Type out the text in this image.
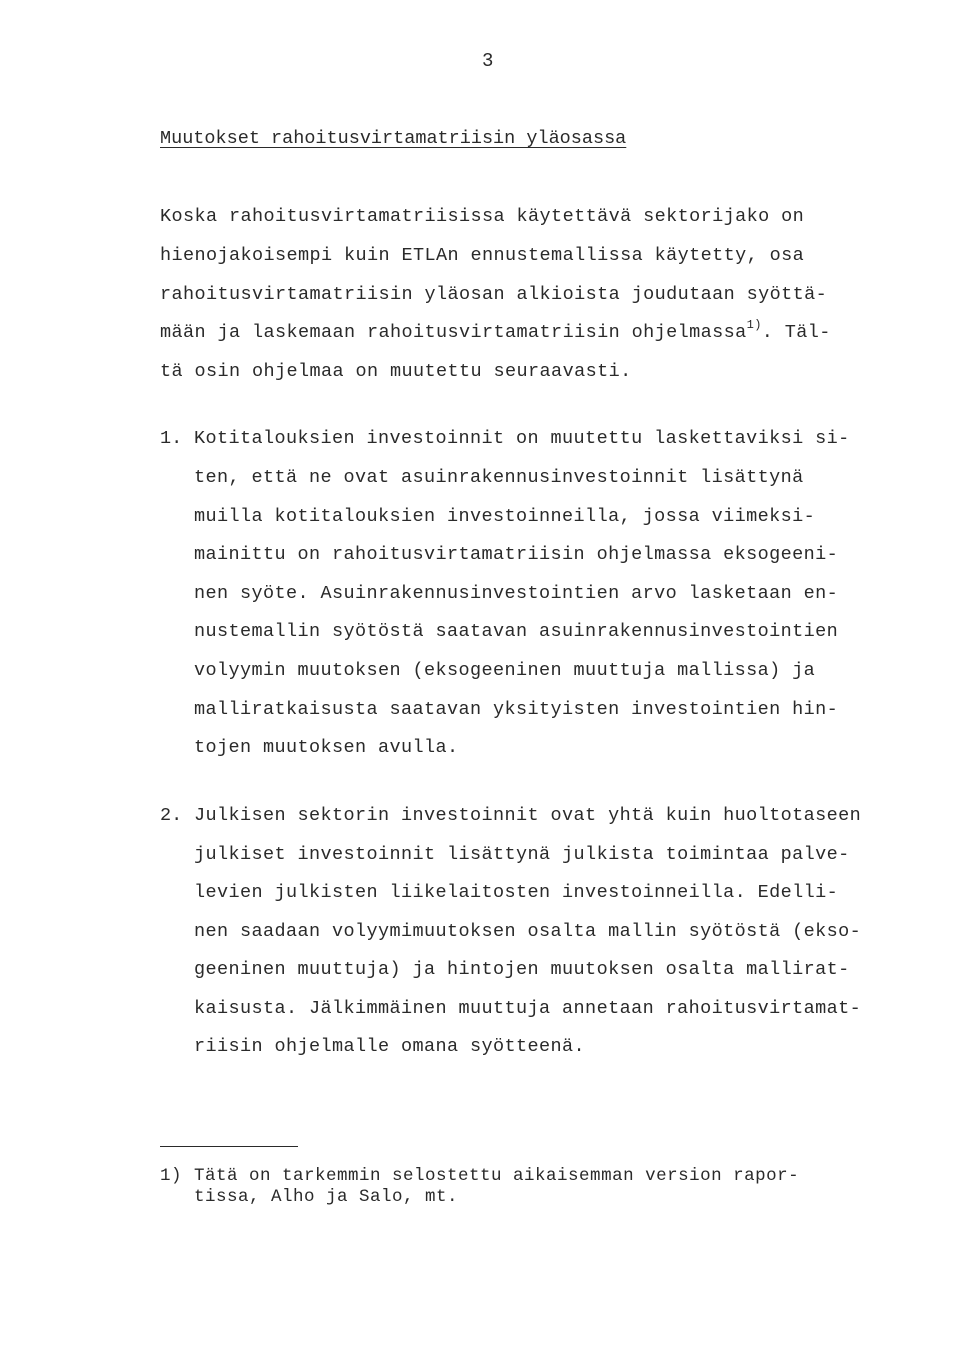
3
Muutokset rahoitusvirtamatriisin yläosassa
Koska rahoitusvirtamatriisissa käytettävä sektorijako on
hienojakoisempi kuin ETLAn ennustemallissa käytetty, osa
rahoitusvirtamatriisin yläosan alkioista joudutaan syöttä-
mään ja laskemaan rahoitusvirtamatriisin ohjelmassa$^{1)}$. Täl-
tä osin ohjelmaa on muutettu seuraavasti.
1. Kotitalouksien investoinnit on muutettu laskettaviksi si-
ten, että ne ovat asuinrakennusinvestoinnit lisättynä
muilla kotitalouksien investoinneilla, jossa viimeksi-
mainittu on rahoitusvirtamatriisin ohjelmassa eksogeeni-
nen syöte. Asuinrakennusinvestointien arvo lasketaan en-
nustemallin syötöstä saatavan asuinrakennusinvestointien
volyymin muutoksen (eksogeeninen muuttuja mallissa) ja
malliratkaisusta saatavan yksityisten investointien hin-
tojen muutoksen avulla.
2. Julkisen sektorin investoinnit ovat yhtä kuin huoltotaseen
julkiset investoinnit lisättynä julkista toimintaa palve-
levien julkisten liikelaitosten investoinneilla. Edelli-
nen saadaan volyymimuutoksen osalta mallin syötöstä (ekso-
geeninen muuttuja) ja hintojen muutoksen osalta mallirat-
kaisusta. Jälkimmäinen muuttuja annetaan rahoitusvirtamat-
riisin ohjelmalle omana syötteenä.
1) Tätä on tarkemmin selostettu aikaisemman version rapor-
tissa, Alho ja Salo, mt.
